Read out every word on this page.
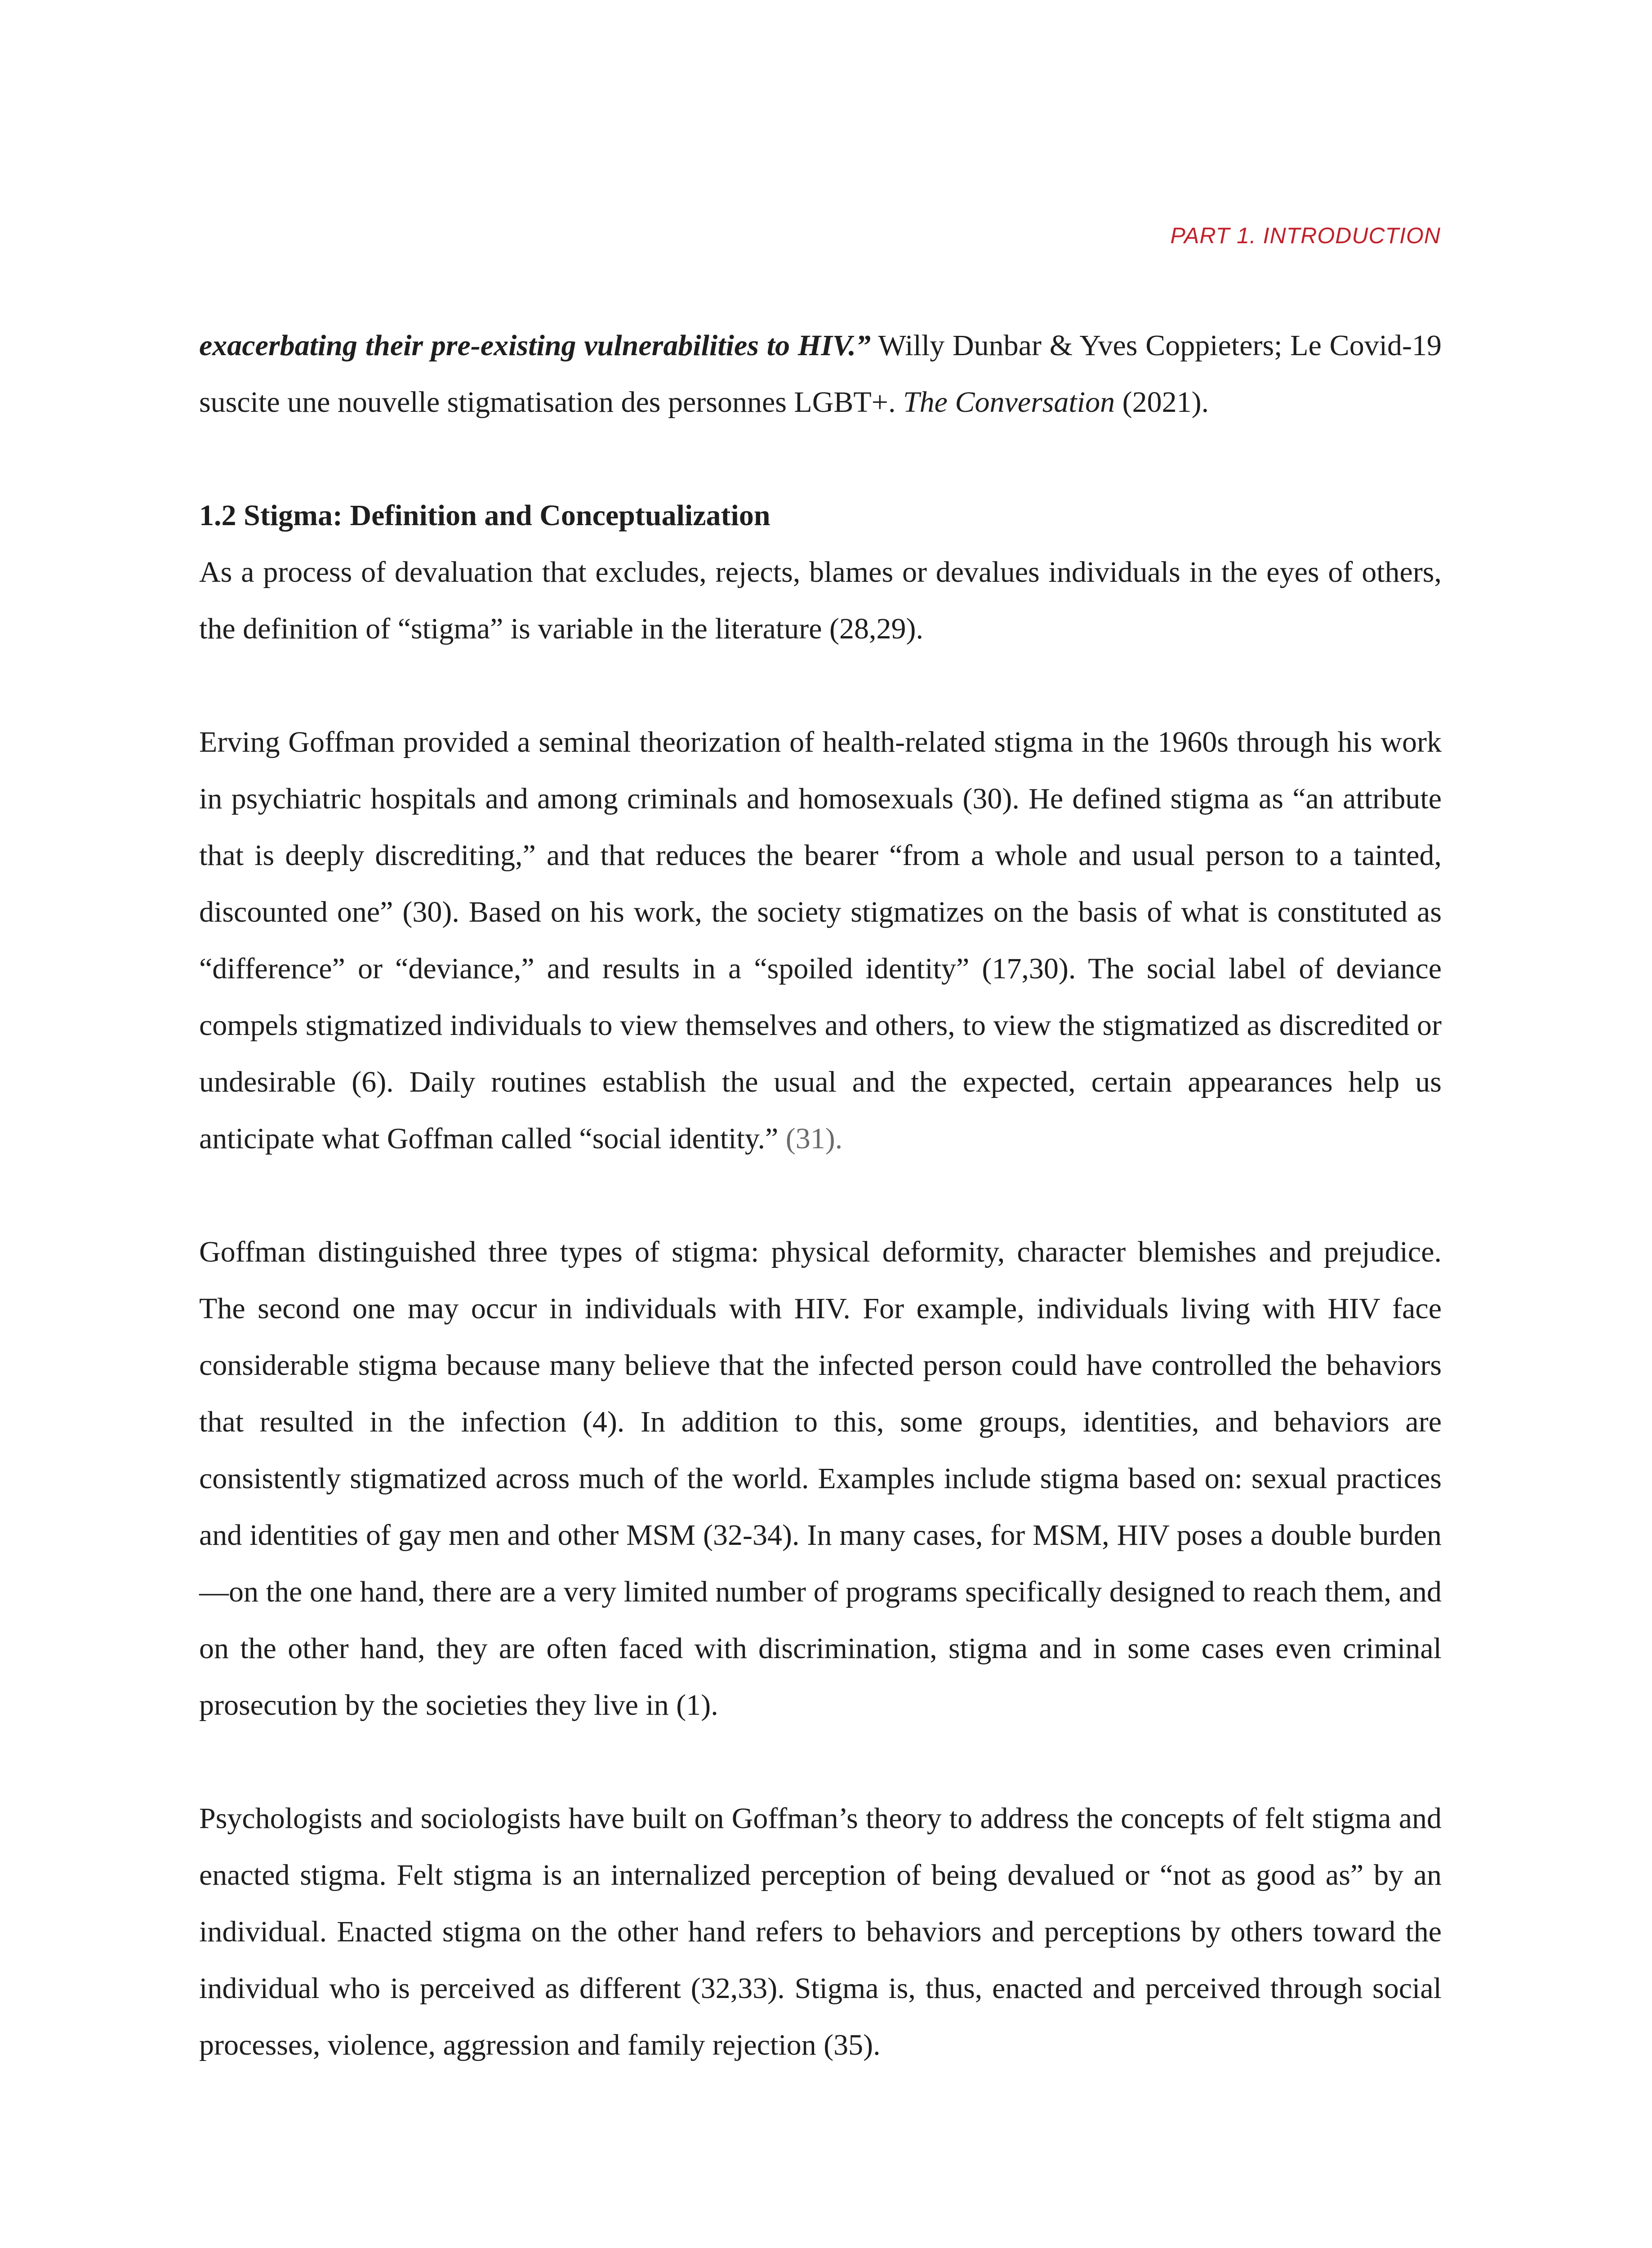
PART 1. INTRODUCTION

exacerbating their pre-existing vulnerabilities to HIV.” Willy Dunbar & Yves Coppieters; Le Covid-19 suscite une nouvelle stigmatisation des personnes LGBT+. The Conversation (2021).

1.2 Stigma: Definition and Conceptualization

As a process of devaluation that excludes, rejects, blames or devalues individuals in the eyes of others, the definition of “stigma” is variable in the literature (28,29).

Erving Goffman provided a seminal theorization of health-related stigma in the 1960s through his work in psychiatric hospitals and among criminals and homosexuals (30). He defined stigma as “an attribute that is deeply discrediting,” and that reduces the bearer “from a whole and usual person to a tainted, discounted one” (30). Based on his work, the society stigmatizes on the basis of what is constituted as “difference” or “deviance,” and results in a “spoiled identity” (17,30). The social label of deviance compels stigmatized individuals to view themselves and others, to view the stigmatized as discredited or undesirable (6). Daily routines establish the usual and the expected, certain appearances help us anticipate what Goffman called “social identity.” (31).

Goffman distinguished three types of stigma: physical deformity, character blemishes and prejudice. The second one may occur in individuals with HIV. For example, individuals living with HIV face considerable stigma because many believe that the infected person could have controlled the behaviors that resulted in the infection (4). In addition to this, some groups, identities, and behaviors are consistently stigmatized across much of the world. Examples include stigma based on: sexual practices and identities of gay men and other MSM (32-34). In many cases, for MSM, HIV poses a double burden—on the one hand, there are a very limited number of programs specifically designed to reach them, and on the other hand, they are often faced with discrimination, stigma and in some cases even criminal prosecution by the societies they live in (1).

Psychologists and sociologists have built on Goffman’s theory to address the concepts of felt stigma and enacted stigma. Felt stigma is an internalized perception of being devalued or “not as good as” by an individual. Enacted stigma on the other hand refers to behaviors and perceptions by others toward the individual who is perceived as different (32,33). Stigma is, thus, enacted and perceived through social processes, violence, aggression and family rejection (35).
